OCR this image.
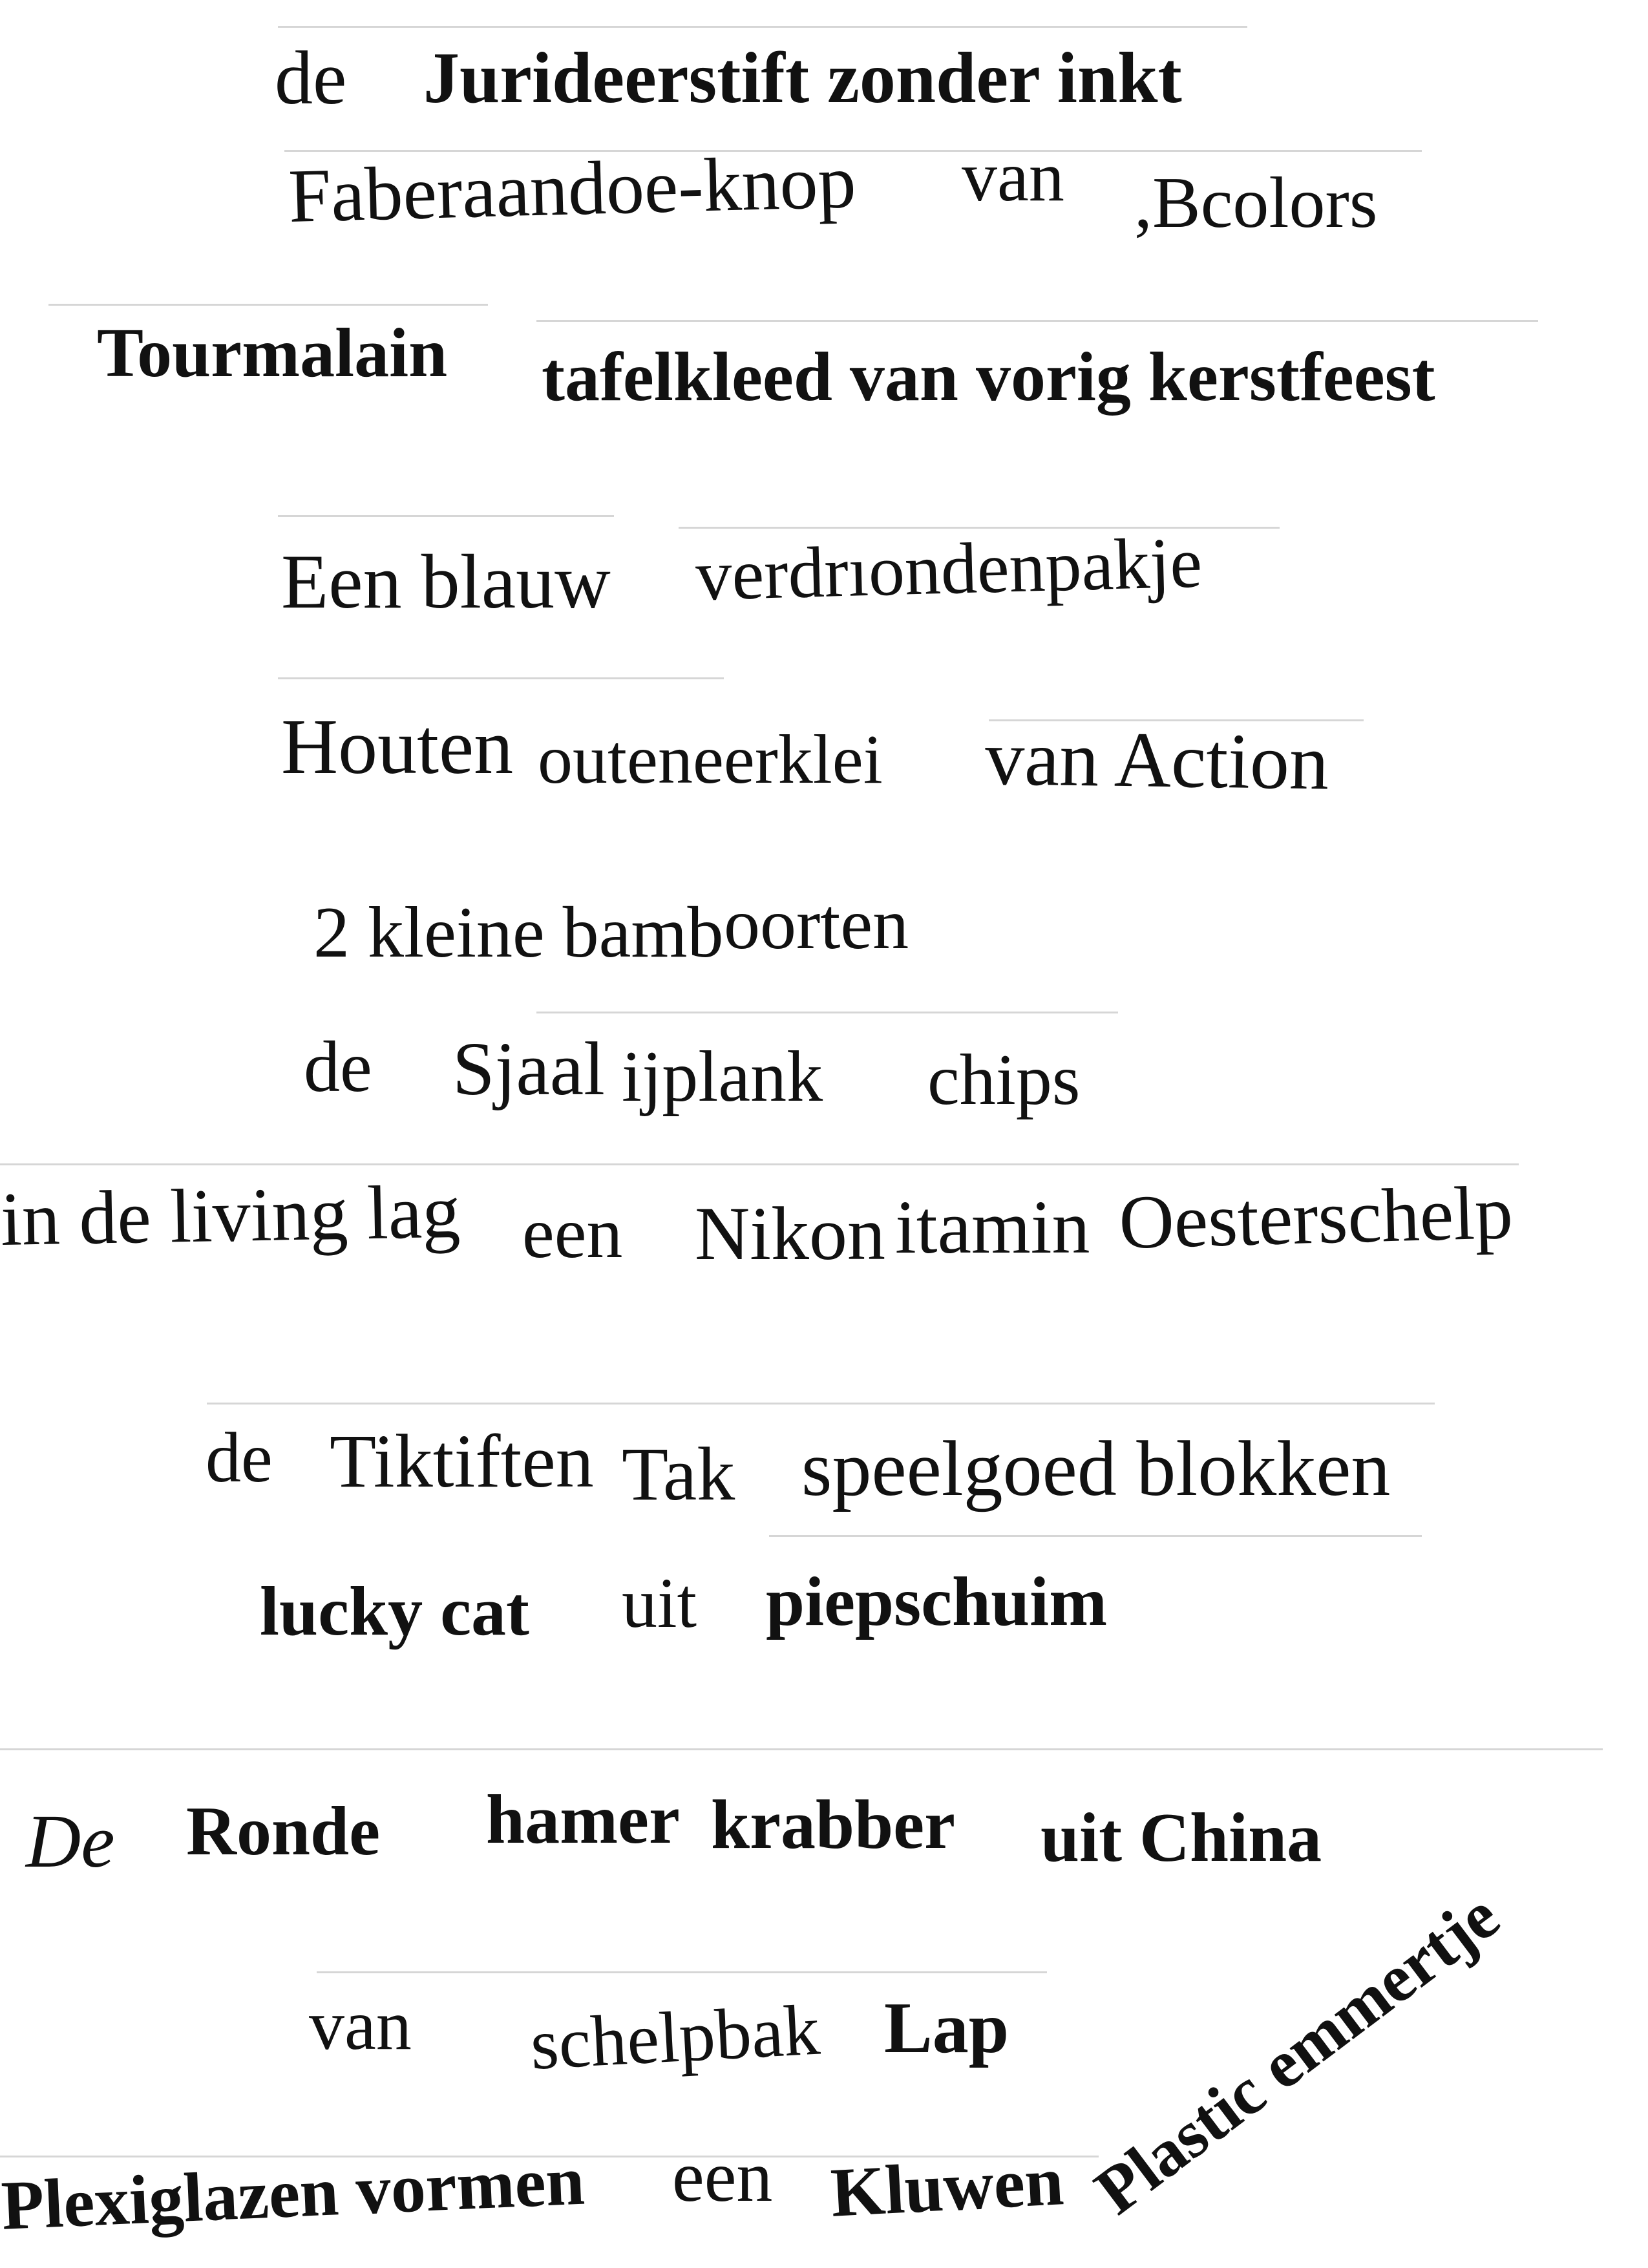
de Jurideerstift zonder inkt
Faberaandoe-knop van ,Bcolors
Tourmalain tafelkleed van vorig kerstfeest
Een blauw verdrıondenpakje
Houten outeneerklei van Action
2 kleine bamb oorten
de Sjaal ijplank chips
in de living lag een Nikon itamin Oesterschelp
de Tiktiften Tak speelgoed blokken
lucky cat uit piepschuim
De Ronde hamer krabber uit China
van schelpbak Lap
Plexiglazen vormen een Kluwen Plastic emmertje
